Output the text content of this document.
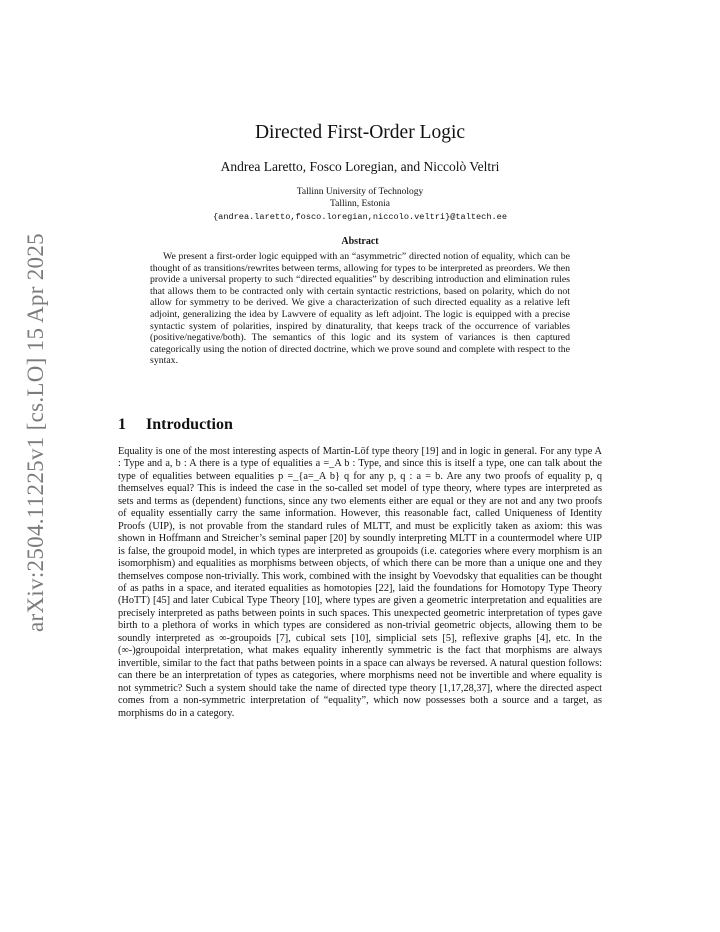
arXiv:2504.11225v1 [cs.LO] 15 Apr 2025
Directed First-Order Logic
Andrea Laretto, Fosco Loregian, and Niccolò Veltri
Tallinn University of Technology
Tallinn, Estonia
{andrea.laretto,fosco.loregian,niccolo.veltri}@taltech.ee
Abstract
We present a first-order logic equipped with an “asymmetric” directed notion of equality, which can be thought of as transitions/rewrites between terms, allowing for types to be interpreted as preorders. We then provide a universal property to such “directed equalities” by describing introduction and elimination rules that allows them to be contracted only with certain syntactic restrictions, based on polarity, which do not allow for symmetry to be derived. We give a characterization of such directed equality as a relative left adjoint, generalizing the idea by Lawvere of equality as left adjoint. The logic is equipped with a precise syntactic system of polarities, inspired by dinaturality, that keeps track of the occurrence of variables (positive/negative/both). The semantics of this logic and its system of variances is then captured categorically using the notion of directed doctrine, which we prove sound and complete with respect to the syntax.
1 Introduction
Equality is one of the most interesting aspects of Martin-Löf type theory [19] and in logic in general. For any type A : Type and a, b : A there is a type of equalities a =_A b : Type, and since this is itself a type, one can talk about the type of equalities between equalities p =_{a=_A b} q for any p, q : a = b. Are any two proofs of equality p, q themselves equal? This is indeed the case in the so-called set model of type theory, where types are interpreted as sets and terms as (dependent) functions, since any two elements either are equal or they are not and any two proofs of equality essentially carry the same information. However, this reasonable fact, called Uniqueness of Identity Proofs (UIP), is not provable from the standard rules of MLTT, and must be explicitly taken as axiom: this was shown in Hoffmann and Streicher’s seminal paper [20] by soundly interpreting MLTT in a countermodel where UIP is false, the groupoid model, in which types are interpreted as groupoids (i.e. categories where every morphism is an isomorphism) and equalities as morphisms between objects, of which there can be more than a unique one and they themselves compose non-trivially. This work, combined with the insight by Voevodsky that equalities can be thought of as paths in a space, and iterated equalities as homotopies [22], laid the foundations for Homotopy Type Theory (HoTT) [45] and later Cubical Type Theory [10], where types are given a geometric interpretation and equalities are precisely interpreted as paths between points in such spaces. This unexpected geometric interpretation of types gave birth to a plethora of works in which types are considered as non-trivial geometric objects, allowing them to be soundly interpreted as ∞-groupoids [7], cubical sets [10], simplicial sets [5], reflexive graphs [4], etc. In the (∞-)groupoidal interpretation, what makes equality inherently symmetric is the fact that morphisms are always invertible, similar to the fact that paths between points in a space can always be reversed. A natural question follows: can there be an interpretation of types as categories, where morphisms need not be invertible and where equality is not symmetric? Such a system should take the name of directed type theory [1,17,28,37], where the directed aspect comes from a non-symmetric interpretation of “equality”, which now possesses both a source and a target, as morphisms do in a category.
